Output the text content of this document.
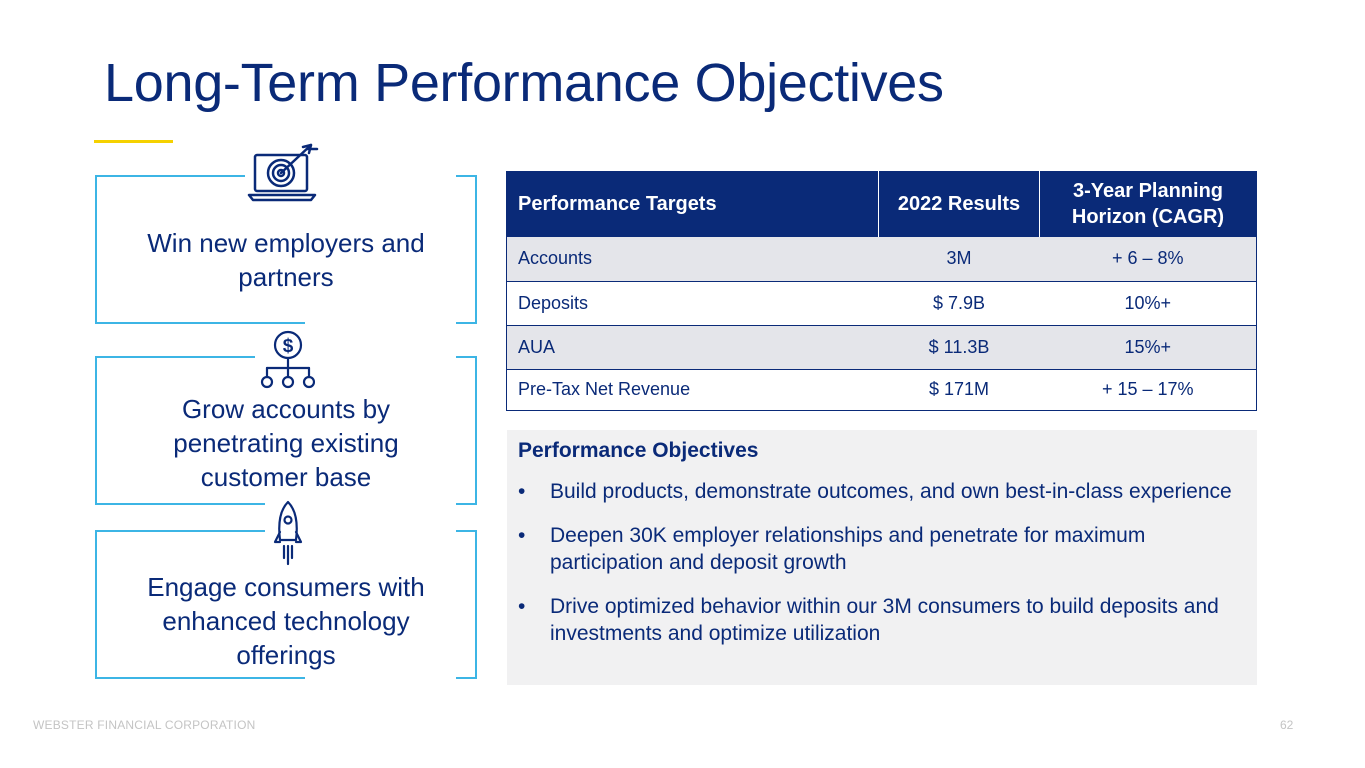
Long-Term Performance Objectives
Win new employers and partners
$
Grow accounts by penetrating existing customer base
Engage consumers with enhanced technology offerings
Performance Targets	2022 Results	3-Year Planning Horizon (CAGR)
Accounts	3M	+ 6 – 8%
Deposits	$ 7.9B	10%+
AUA	$ 11.3B	15%+
Pre-Tax Net Revenue	$ 171M	+ 15 – 17%
Performance Objectives
• Build products, demonstrate outcomes, and own best-in-class experience
• Deepen 30K employer relationships and penetrate for maximum participation and deposit growth
• Drive optimized behavior within our 3M consumers to build deposits and investments and optimize utilization
WEBSTER FINANCIAL CORPORATION	62
